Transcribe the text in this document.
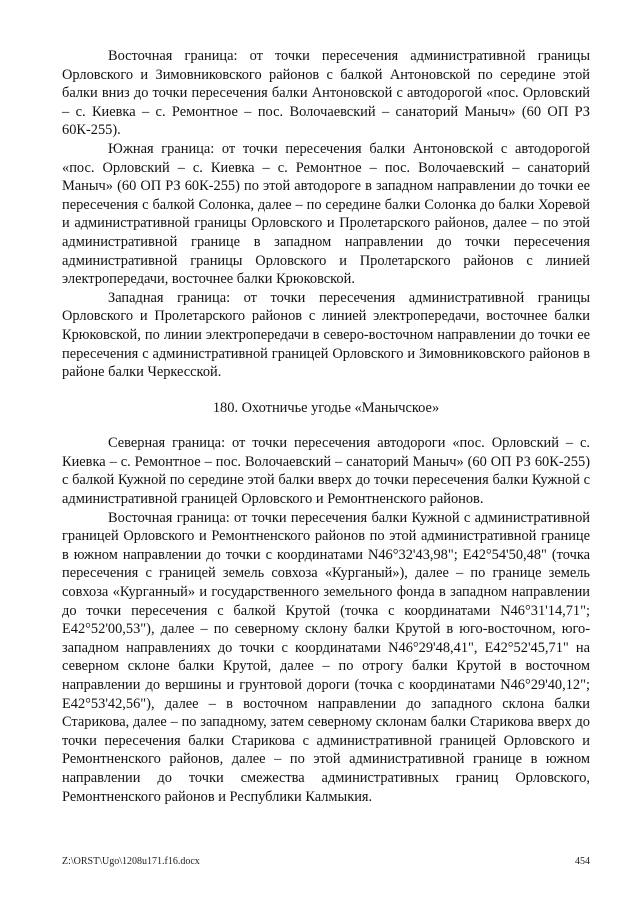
Восточная граница: от точки пересечения административной границы Орловского и Зимовниковского районов с балкой Антоновской по середине этой балки вниз до точки пересечения балки Антоновской с автодорогой «пос. Орловский – с. Киевка – с. Ремонтное – пос. Волочаевский – санаторий Маныч» (60 ОП РЗ 60К-255).

Южная граница: от точки пересечения балки Антоновской с автодорогой «пос. Орловский – с. Киевка – с. Ремонтное – пос. Волочаевский – санаторий Маныч» (60 ОП РЗ 60К-255) по этой автодороге в западном направлении до точки ее пересечения с балкой Солонка, далее – по середине балки Солонка до балки Хоревой и административной границы Орловского и Пролетарского районов, далее – по этой административной границе в западном направлении до точки пересечения административной границы Орловского и Пролетарского районов с линией электропередачи, восточнее балки Крюковской.

Западная граница: от точки пересечения административной границы Орловского и Пролетарского районов с линией электропередачи, восточнее балки Крюковской, по линии электропередачи в северо-восточном направлении до точки ее пересечения с административной границей Орловского и Зимовниковского районов в районе балки Черкесской.

180. Охотничье угодье «Манычское»

Северная граница: от точки пересечения автодороги «пос. Орловский – с. Киевка – с. Ремонтное – пос. Волочаевский – санаторий Маныч» (60 ОП РЗ 60К-255) с балкой Кужной по середине этой балки вверх до точки пересечения балки Кужной с административной границей Орловского и Ремонтненского районов.

Восточная граница: от точки пересечения балки Кужной с административной границей Орловского и Ремонтненского районов по этой административной границе в южном направлении до точки с координатами N46°32'43,98"; E42°54'50,48" (точка пересечения с границей земель совхоза «Курганый»), далее – по границе земель совхоза «Курганный» и государственного земельного фонда в западном направлении до точки пересечения с балкой Крутой (точка с координатами N46°31'14,71"; E42°52'00,53"), далее – по северному склону балки Крутой в юго-восточном, юго-западном направлениях до точки с координатами N46°29'48,41", E42°52'45,71" на северном склоне балки Крутой, далее – по отрогу балки Крутой в восточном направлении до вершины и грунтовой дороги (точка с координатами N46°29'40,12"; E42°53'42,56"), далее – в восточном направлении до западного склона балки Старикова, далее – по западному, затем северному склонам балки Старикова вверх до точки пересечения балки Старикова с административной границей Орловского и Ремонтненского районов, далее – по этой административной границе в южном направлении до точки смежества административных границ Орловского, Ремонтненского районов и Республики Калмыкия.

Z:\ORST\Ugo\1208u171.f16.docx	454
